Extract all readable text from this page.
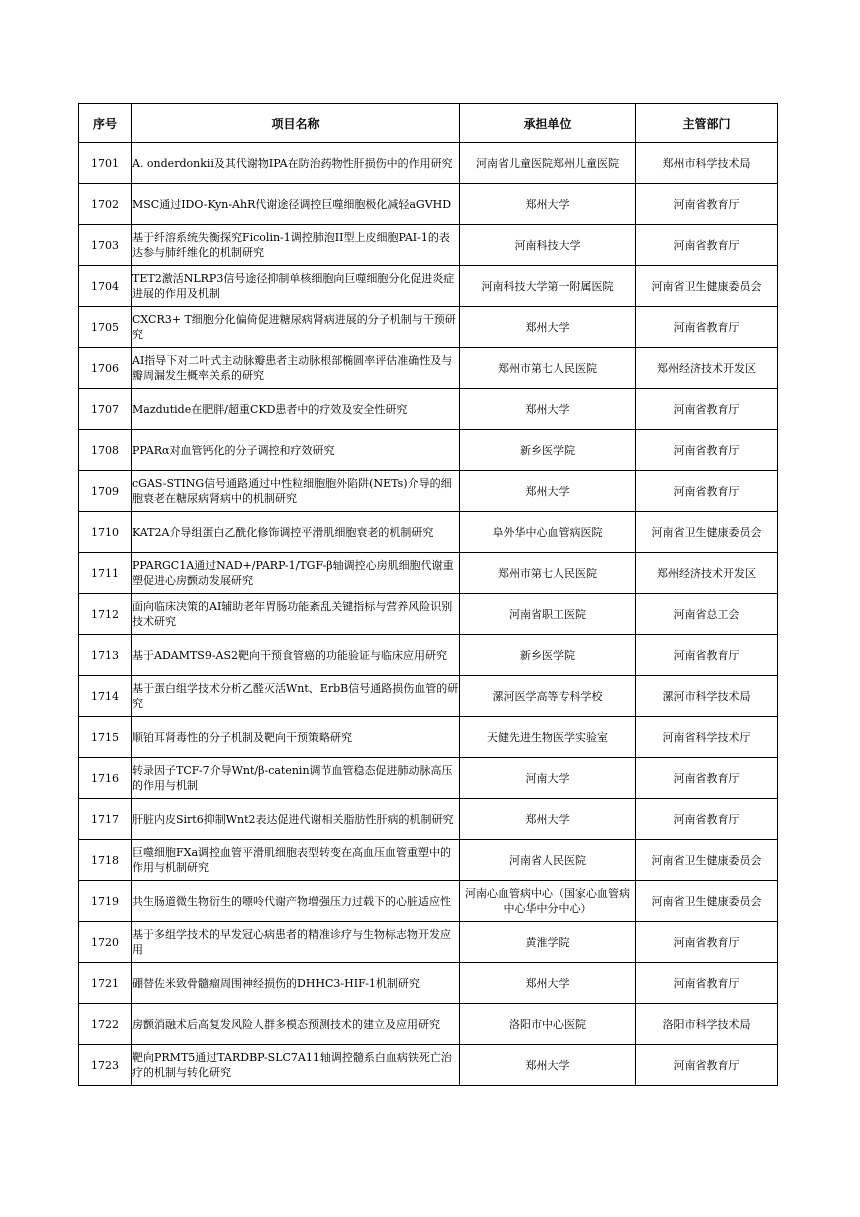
序号	项目名称	承担单位	主管部门
1701	A. onderdonkii及其代谢物IPA在防治药物性肝损伤中的作用研究	河南省儿童医院郑州儿童医院	郑州市科学技术局
1702	MSC通过IDO-Kyn-AhR代谢途径调控巨噬细胞极化减轻aGVHD	郑州大学	河南省教育厅
1703	基于纤溶系统失衡探究Ficolin-1调控肺泡II型上皮细胞PAI-1的表达参与肺纤维化的机制研究	河南科技大学	河南省教育厅
1704	TET2激活NLRP3信号途径抑制单核细胞向巨噬细胞分化促进炎症进展的作用及机制	河南科技大学第一附属医院	河南省卫生健康委员会
1705	CXCR3+ T细胞分化偏倚促进糖尿病肾病进展的分子机制与干预研究	郑州大学	河南省教育厅
1706	AI指导下对二叶式主动脉瓣患者主动脉根部椭圆率评估准确性及与瓣周漏发生概率关系的研究	郑州市第七人民医院	郑州经济技术开发区
1707	Mazdutide在肥胖/超重CKD患者中的疗效及安全性研究	郑州大学	河南省教育厅
1708	PPARα对血管钙化的分子调控和疗效研究	新乡医学院	河南省教育厅
1709	cGAS-STING信号通路通过中性粒细胞胞外陷阱(NETs)介导的细胞衰老在糖尿病肾病中的机制研究	郑州大学	河南省教育厅
1710	KAT2A介导组蛋白乙酰化修饰调控平滑肌细胞衰老的机制研究	阜外华中心血管病医院	河南省卫生健康委员会
1711	PPARGC1A通过NAD+/PARP-1/TGF-β轴调控心房肌细胞代谢重塑促进心房颤动发展研究	郑州市第七人民医院	郑州经济技术开发区
1712	面向临床决策的AI辅助老年胃肠功能紊乱关键指标与营养风险识别技术研究	河南省职工医院	河南省总工会
1713	基于ADAMTS9-AS2靶向干预食管癌的功能验证与临床应用研究	新乡医学院	河南省教育厅
1714	基于蛋白组学技术分析乙醛灭活Wnt、ErbB信号通路损伤血管的研究	漯河医学高等专科学校	漯河市科学技术局
1715	顺铂耳肾毒性的分子机制及靶向干预策略研究	天健先进生物医学实验室	河南省科学技术厅
1716	转录因子TCF-7介导Wnt/β-catenin调节血管稳态促进肺动脉高压的作用与机制	河南大学	河南省教育厅
1717	肝脏内皮Sirt6抑制Wnt2表达促进代谢相关脂肪性肝病的机制研究	郑州大学	河南省教育厅
1718	巨噬细胞FXa调控血管平滑肌细胞表型转变在高血压血管重塑中的作用与机制研究	河南省人民医院	河南省卫生健康委员会
1719	共生肠道微生物衍生的嘌呤代谢产物增强压力过载下的心脏适应性	河南心血管病中心（国家心血管病中心华中分中心）	河南省卫生健康委员会
1720	基于多组学技术的早发冠心病患者的精准诊疗与生物标志物开发应用	黄淮学院	河南省教育厅
1721	硼替佐米致骨髓瘤周围神经损伤的DHHC3-HIF-1机制研究	郑州大学	河南省教育厅
1722	房颤消融术后高复发风险人群多模态预测技术的建立及应用研究	洛阳市中心医院	洛阳市科学技术局
1723	靶向PRMT5通过TARDBP-SLC7A11轴调控髓系白血病铁死亡治疗的机制与转化研究	郑州大学	河南省教育厅
